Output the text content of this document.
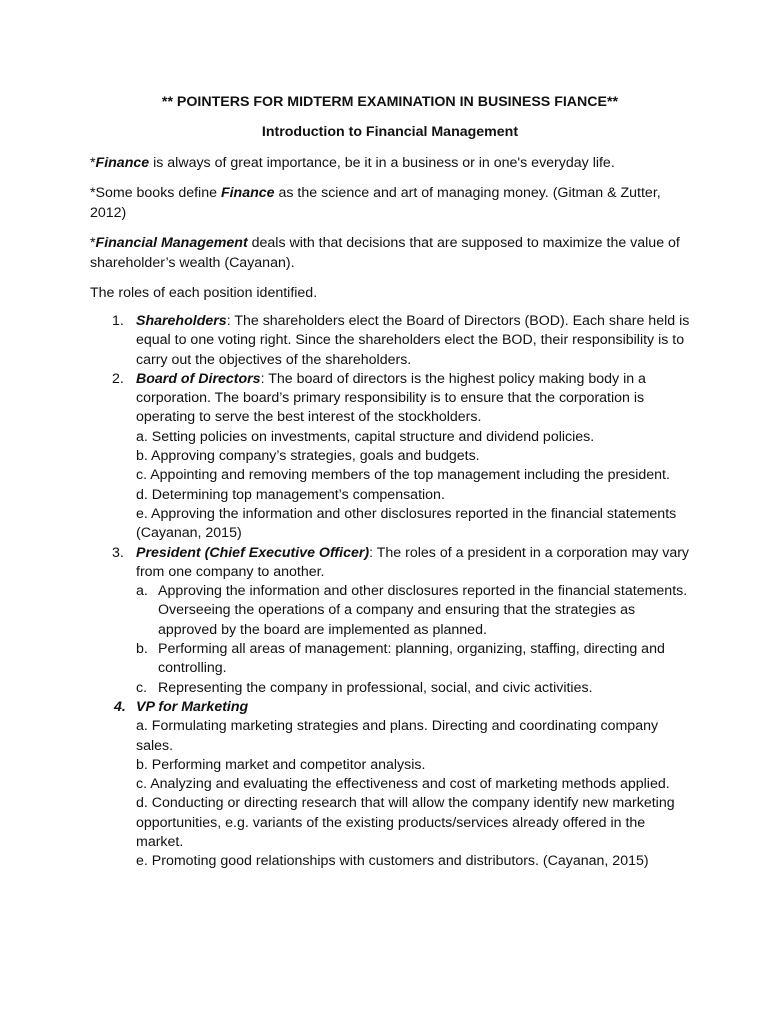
** POINTERS FOR MIDTERM EXAMINATION IN BUSINESS FIANCE**
Introduction to Financial Management

*Finance is always of great importance, be it in a business or in one's everyday life.

*Some books define Finance as the science and art of managing money. (Gitman & Zutter, 2012)

*Financial Management deals with that decisions that are supposed to maximize the value of shareholder’s wealth (Cayanan).

The roles of each position identified.

1. Shareholders: The shareholders elect the Board of Directors (BOD). Each share held is equal to one voting right. Since the shareholders elect the BOD, their responsibility is to carry out the objectives of the shareholders.
2. Board of Directors: The board of directors is the highest policy making body in a corporation. The board’s primary responsibility is to ensure that the corporation is operating to serve the best interest of the stockholders.
a. Setting policies on investments, capital structure and dividend policies.
b. Approving company’s strategies, goals and budgets.
c. Appointing and removing members of the top management including the president.
d. Determining top management’s compensation.
e. Approving the information and other disclosures reported in the financial statements (Cayanan, 2015)
3. President (Chief Executive Officer): The roles of a president in a corporation may vary from one company to another.
a. Approving the information and other disclosures reported in the financial statements. Overseeing the operations of a company and ensuring that the strategies as approved by the board are implemented as planned.
b. Performing all areas of management: planning, organizing, staffing, directing and controlling.
c. Representing the company in professional, social, and civic activities.
4. VP for Marketing
a. Formulating marketing strategies and plans. Directing and coordinating company sales.
b. Performing market and competitor analysis.
c. Analyzing and evaluating the effectiveness and cost of marketing methods applied.
d. Conducting or directing research that will allow the company identify new marketing opportunities, e.g. variants of the existing products/services already offered in the market.
e. Promoting good relationships with customers and distributors. (Cayanan, 2015)
